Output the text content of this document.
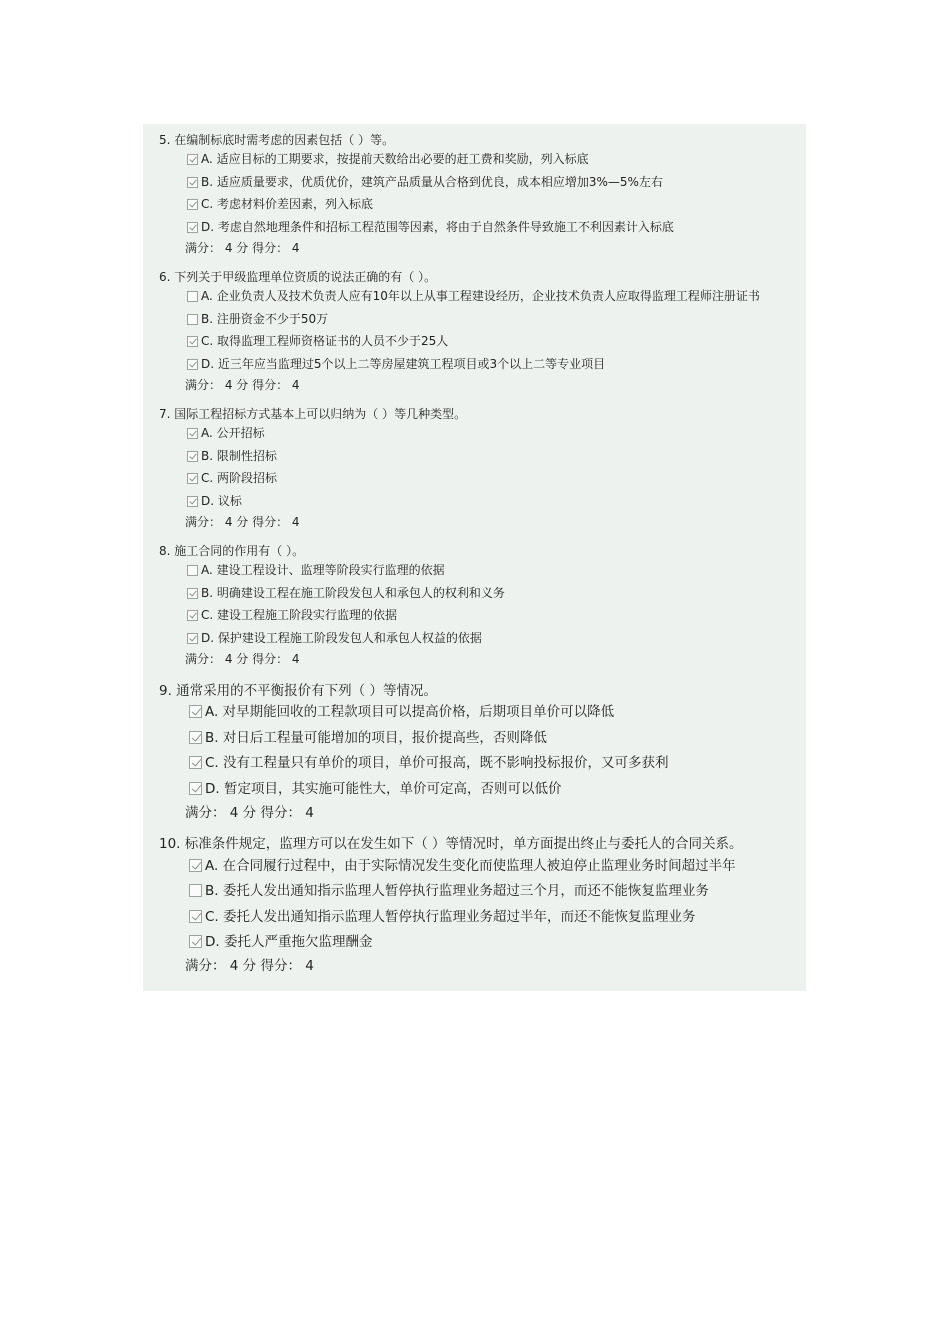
5. 在编制标底时需考虑的因素包括（ ）等。
A. 适应目标的工期要求，按提前天数给出必要的赶工费和奖励，列入标底
B. 适应质量要求，优质优价，建筑产品质量从合格到优良，成本相应增加3%—5%左右
C. 考虑材料价差因素，列入标底
D. 考虑自然地理条件和招标工程范围等因素，将由于自然条件导致施工不利因素计入标底
满分： 4 分 得分： 4
6. 下列关于甲级监理单位资质的说法正确的有（ ）。
A. 企业负责人及技术负责人应有10年以上从事工程建设经历，企业技术负责人应取得监理工程师注册证书
B. 注册资金不少于50万
C. 取得监理工程师资格证书的人员不少于25人
D. 近三年应当监理过5个以上二等房屋建筑工程项目或3个以上二等专业项目
满分： 4 分 得分： 4
7. 国际工程招标方式基本上可以归纳为（ ）等几种类型。
A. 公开招标
B. 限制性招标
C. 两阶段招标
D. 议标
满分： 4 分 得分： 4
8. 施工合同的作用有（ ）。
A. 建设工程设计、监理等阶段实行监理的依据
B. 明确建设工程在施工阶段发包人和承包人的权利和义务
C. 建设工程施工阶段实行监理的依据
D. 保护建设工程施工阶段发包人和承包人权益的依据
满分： 4 分 得分： 4
9. 通常采用的不平衡报价有下列（ ）等情况。
A. 对早期能回收的工程款项目可以提高价格，后期项目单价可以降低
B. 对日后工程量可能增加的项目，报价提高些，否则降低
C. 没有工程量只有单价的项目，单价可报高，既不影响投标报价，又可多获利
D. 暂定项目，其实施可能性大，单价可定高，否则可以低价
满分： 4 分 得分： 4
10. 标准条件规定，监理方可以在发生如下（ ）等情况时，单方面提出终止与委托人的合同关系。
A. 在合同履行过程中，由于实际情况发生变化而使监理人被迫停止监理业务时间超过半年
B. 委托人发出通知指示监理人暂停执行监理业务超过三个月，而还不能恢复监理业务
C. 委托人发出通知指示监理人暂停执行监理业务超过半年，而还不能恢复监理业务
D. 委托人严重拖欠监理酬金
满分： 4 分 得分： 4
